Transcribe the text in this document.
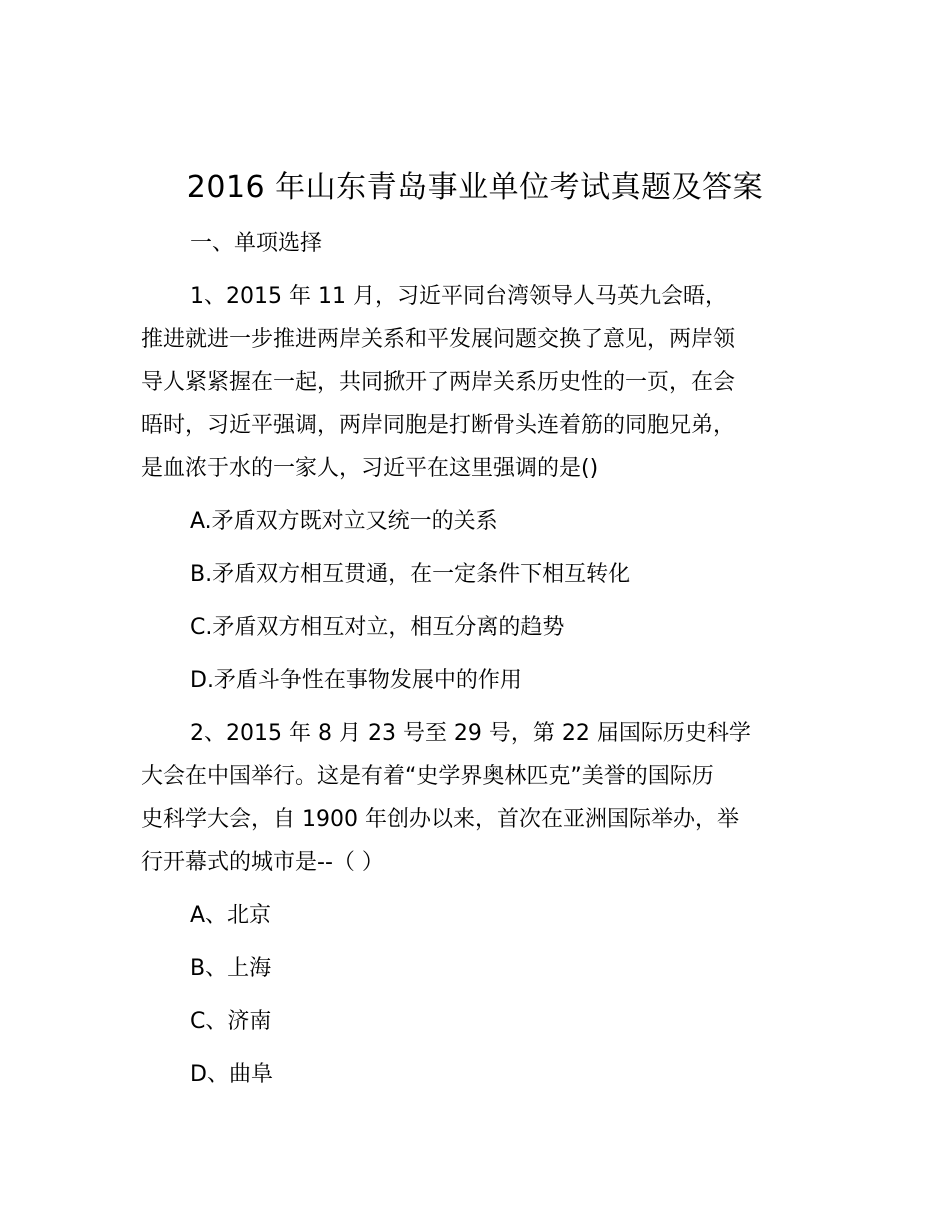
2016 年山东青岛事业单位考试真题及答案
一、单项选择
1、2015 年 11 月，习近平同台湾领导人马英九会晤，
推进就进一步推进两岸关系和平发展问题交换了意见，两岸领
导人紧紧握在一起，共同掀开了两岸关系历史性的一页，在会
晤时，习近平强调，两岸同胞是打断骨头连着筋的同胞兄弟，
是血浓于水的一家人，习近平在这里强调的是()
A.矛盾双方既对立又统一的关系
B.矛盾双方相互贯通，在一定条件下相互转化
C.矛盾双方相互对立，相互分离的趋势
D.矛盾斗争性在事物发展中的作用
2、2015 年 8 月 23 号至 29 号，第 22 届国际历史科学
大会在中国举行。这是有着“史学界奥林匹克”美誉的国际历
史科学大会，自 1900 年创办以来，首次在亚洲国际举办，举
行开幕式的城市是--（ ）
A、北京
B、上海
C、济南
D、曲阜
